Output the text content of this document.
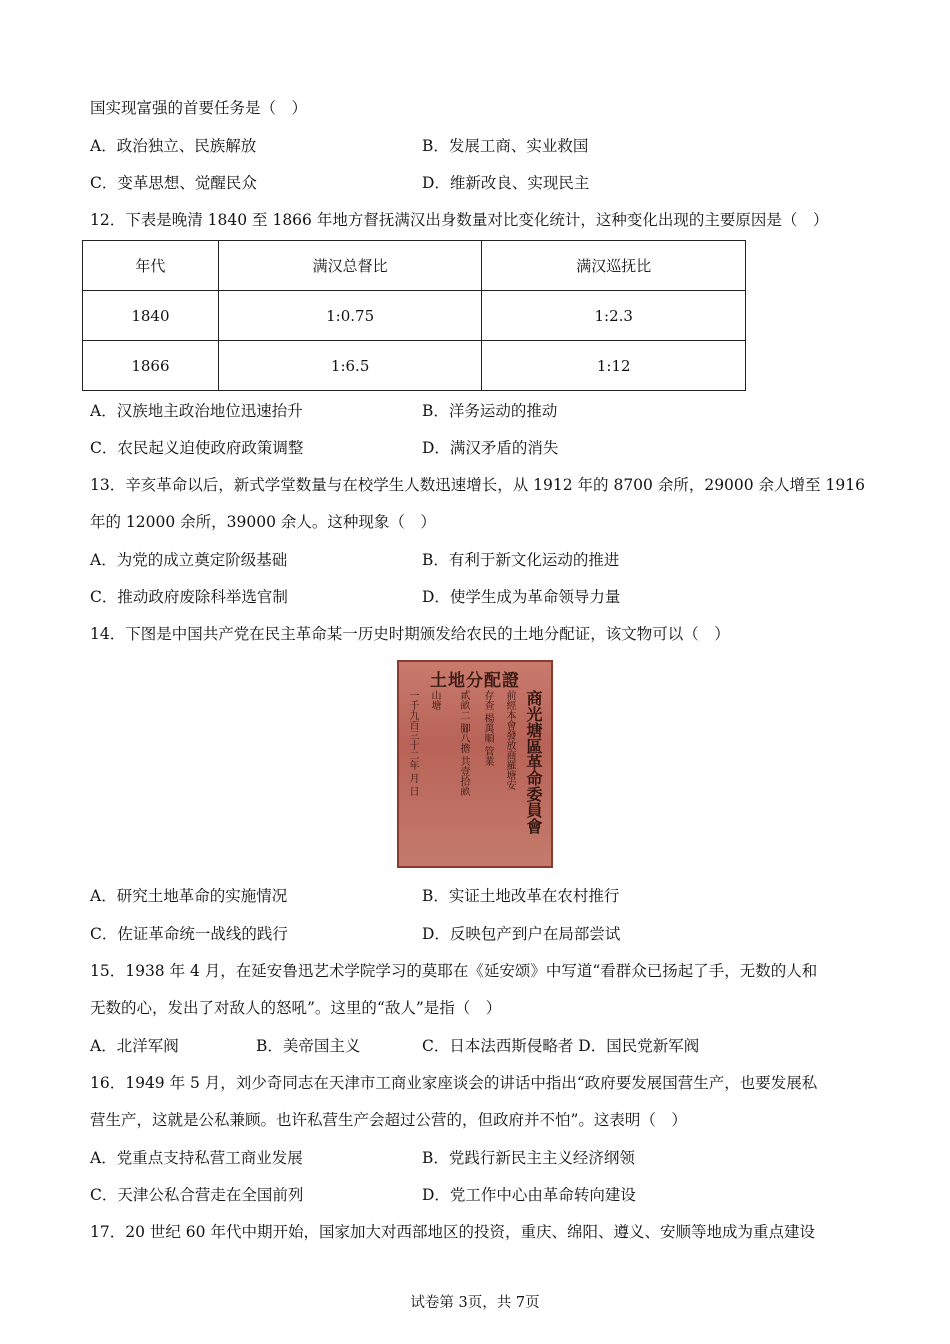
国实现富强的首要任务是（　）
A．政治独立、民族解放	B．发展工商、实业救国
C．变革思想、觉醒民众	D．维新改良、实现民主
12．下表是晚清 1840 至 1866 年地方督抚满汉出身数量对比变化统计，这种变化出现的主要原因是（　）
年代	满汉总督比	满汉巡抚比
1840	1:0.75	1:2.3
1866	1:6.5	1:12
A．汉族地主政治地位迅速抬升	B．洋务运动的推动
C．农民起义迫使政府政策调整	D．满汉矛盾的消失
13．辛亥革命以后，新式学堂数量与在校学生人数迅速增长，从 1912 年的 8700 余所，29000 余人增至 1916
年的 12000 余所，39000 余人。这种现象（　）
A．为党的成立奠定阶级基础	B．有利于新文化运动的推进
C．推动政府废除科举选官制	D．使学生成为革命领导力量
14．下图是中国共产党在民主革命某一历史时期颁发给农民的土地分配证，该文物可以（　）
土地分配證
商光塘區革命委員會
前經本會發放商羅塘安
存查 楊萬順 管業
貳畝二 腳八擔 共壹拾畝
一千九百三十二年 月 日 山塘
A．研究土地革命的实施情况	B．实证土地改革在农村推行
C．佐证革命统一战线的践行	D．反映包产到户在局部尝试
15．1938 年 4 月，在延安鲁迅艺术学院学习的莫耶在《延安颂》中写道“看群众已扬起了手，无数的人和
无数的心，发出了对敌人的怒吼”。这里的“敌人”是指（　）
A．北洋军阀	B．美帝国主义	C．日本法西斯侵略者 D．国民党新军阀
16．1949 年 5 月，刘少奇同志在天津市工商业家座谈会的讲话中指出“政府要发展国营生产，也要发展私
营生产，这就是公私兼顾。也许私营生产会超过公营的，但政府并不怕”。这表明（　）
A．党重点支持私营工商业发展	B．党践行新民主主义经济纲领
C．天津公私合营走在全国前列	D．党工作中心由革命转向建设
17．20 世纪 60 年代中期开始，国家加大对西部地区的投资，重庆、绵阳、遵义、安顺等地成为重点建设
试卷第 3页，共 7页
